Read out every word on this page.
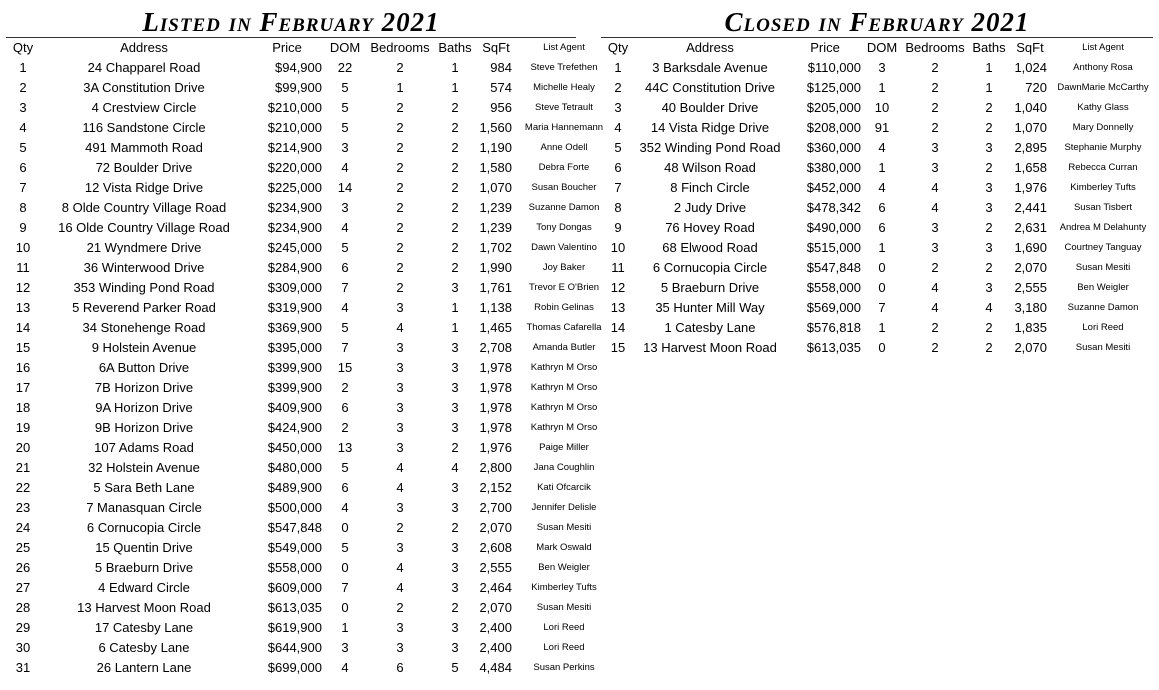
Listed in February 2021
Qty	Address	Price	DOM	Bedrooms	Baths	SqFt	List Agent
1	24 Chapparel Road	$94,900	22	2	1	984	Steve Trefethen
2	3A Constitution Drive	$99,900	5	1	1	574	Michelle Healy
3	4 Crestview Circle	$210,000	5	2	2	956	Steve Tetrault
4	116 Sandstone Circle	$210,000	5	2	2	1,560	Maria Hannemann
5	491 Mammoth Road	$214,900	3	2	2	1,190	Anne Odell
6	72 Boulder Drive	$220,000	4	2	2	1,580	Debra Forte
7	12 Vista Ridge Drive	$225,000	14	2	2	1,070	Susan Boucher
8	8 Olde Country Village Road	$234,900	3	2	2	1,239	Suzanne Damon
9	16 Olde Country Village Road	$234,900	4	2	2	1,239	Tony Dongas
10	21 Wyndmere Drive	$245,000	5	2	2	1,702	Dawn Valentino
11	36 Winterwood Drive	$284,900	6	2	2	1,990	Joy Baker
12	353 Winding Pond Road	$309,000	7	2	3	1,761	Trevor E O'Brien
13	5 Reverend Parker Road	$319,900	4	3	1	1,138	Robin Gelinas
14	34 Stonehenge Road	$369,900	5	4	1	1,465	Thomas Cafarella
15	9 Holstein Avenue	$395,000	7	3	3	2,708	Amanda Butler
16	6A Button Drive	$399,900	15	3	3	1,978	Kathryn M Orso
17	7B Horizon Drive	$399,900	2	3	3	1,978	Kathryn M Orso
18	9A Horizon Drive	$409,900	6	3	3	1,978	Kathryn M Orso
19	9B Horizon Drive	$424,900	2	3	3	1,978	Kathryn M Orso
20	107 Adams Road	$450,000	13	3	2	1,976	Paige Miller
21	32 Holstein Avenue	$480,000	5	4	4	2,800	Jana Coughlin
22	5 Sara Beth Lane	$489,900	6	4	3	2,152	Kati Ofcarcik
23	7 Manasquan Circle	$500,000	4	3	3	2,700	Jennifer Delisle
24	6 Cornucopia Circle	$547,848	0	2	2	2,070	Susan Mesiti
25	15 Quentin Drive	$549,000	5	3	3	2,608	Mark Oswald
26	5 Braeburn Drive	$558,000	0	4	3	2,555	Ben Weigler
27	4 Edward Circle	$609,000	7	4	3	2,464	Kimberley Tufts
28	13 Harvest Moon Road	$613,035	0	2	2	2,070	Susan Mesiti
29	17 Catesby Lane	$619,900	1	3	3	2,400	Lori Reed
30	6 Catesby Lane	$644,900	3	3	3	2,400	Lori Reed
31	26 Lantern Lane	$699,000	4	6	5	4,484	Susan Perkins
Closed in February 2021
Qty	Address	Price	DOM	Bedrooms	Baths	SqFt	List Agent
1	3 Barksdale Avenue	$110,000	3	2	1	1,024	Anthony Rosa
2	44C Constitution Drive	$125,000	1	2	1	720	DawnMarie McCarthy
3	40 Boulder Drive	$205,000	10	2	2	1,040	Kathy Glass
4	14 Vista Ridge Drive	$208,000	91	2	2	1,070	Mary Donnelly
5	352 Winding Pond Road	$360,000	4	3	3	2,895	Stephanie Murphy
6	48 Wilson Road	$380,000	1	3	2	1,658	Rebecca Curran
7	8 Finch Circle	$452,000	4	4	3	1,976	Kimberley Tufts
8	2 Judy Drive	$478,342	6	4	3	2,441	Susan Tisbert
9	76 Hovey Road	$490,000	6	3	2	2,631	Andrea M Delahunty
10	68 Elwood Road	$515,000	1	3	3	1,690	Courtney Tanguay
11	6 Cornucopia Circle	$547,848	0	2	2	2,070	Susan Mesiti
12	5 Braeburn Drive	$558,000	0	4	3	2,555	Ben Weigler
13	35 Hunter Mill Way	$569,000	7	4	4	3,180	Suzanne Damon
14	1 Catesby Lane	$576,818	1	2	2	1,835	Lori Reed
15	13 Harvest Moon Road	$613,035	0	2	2	2,070	Susan Mesiti
